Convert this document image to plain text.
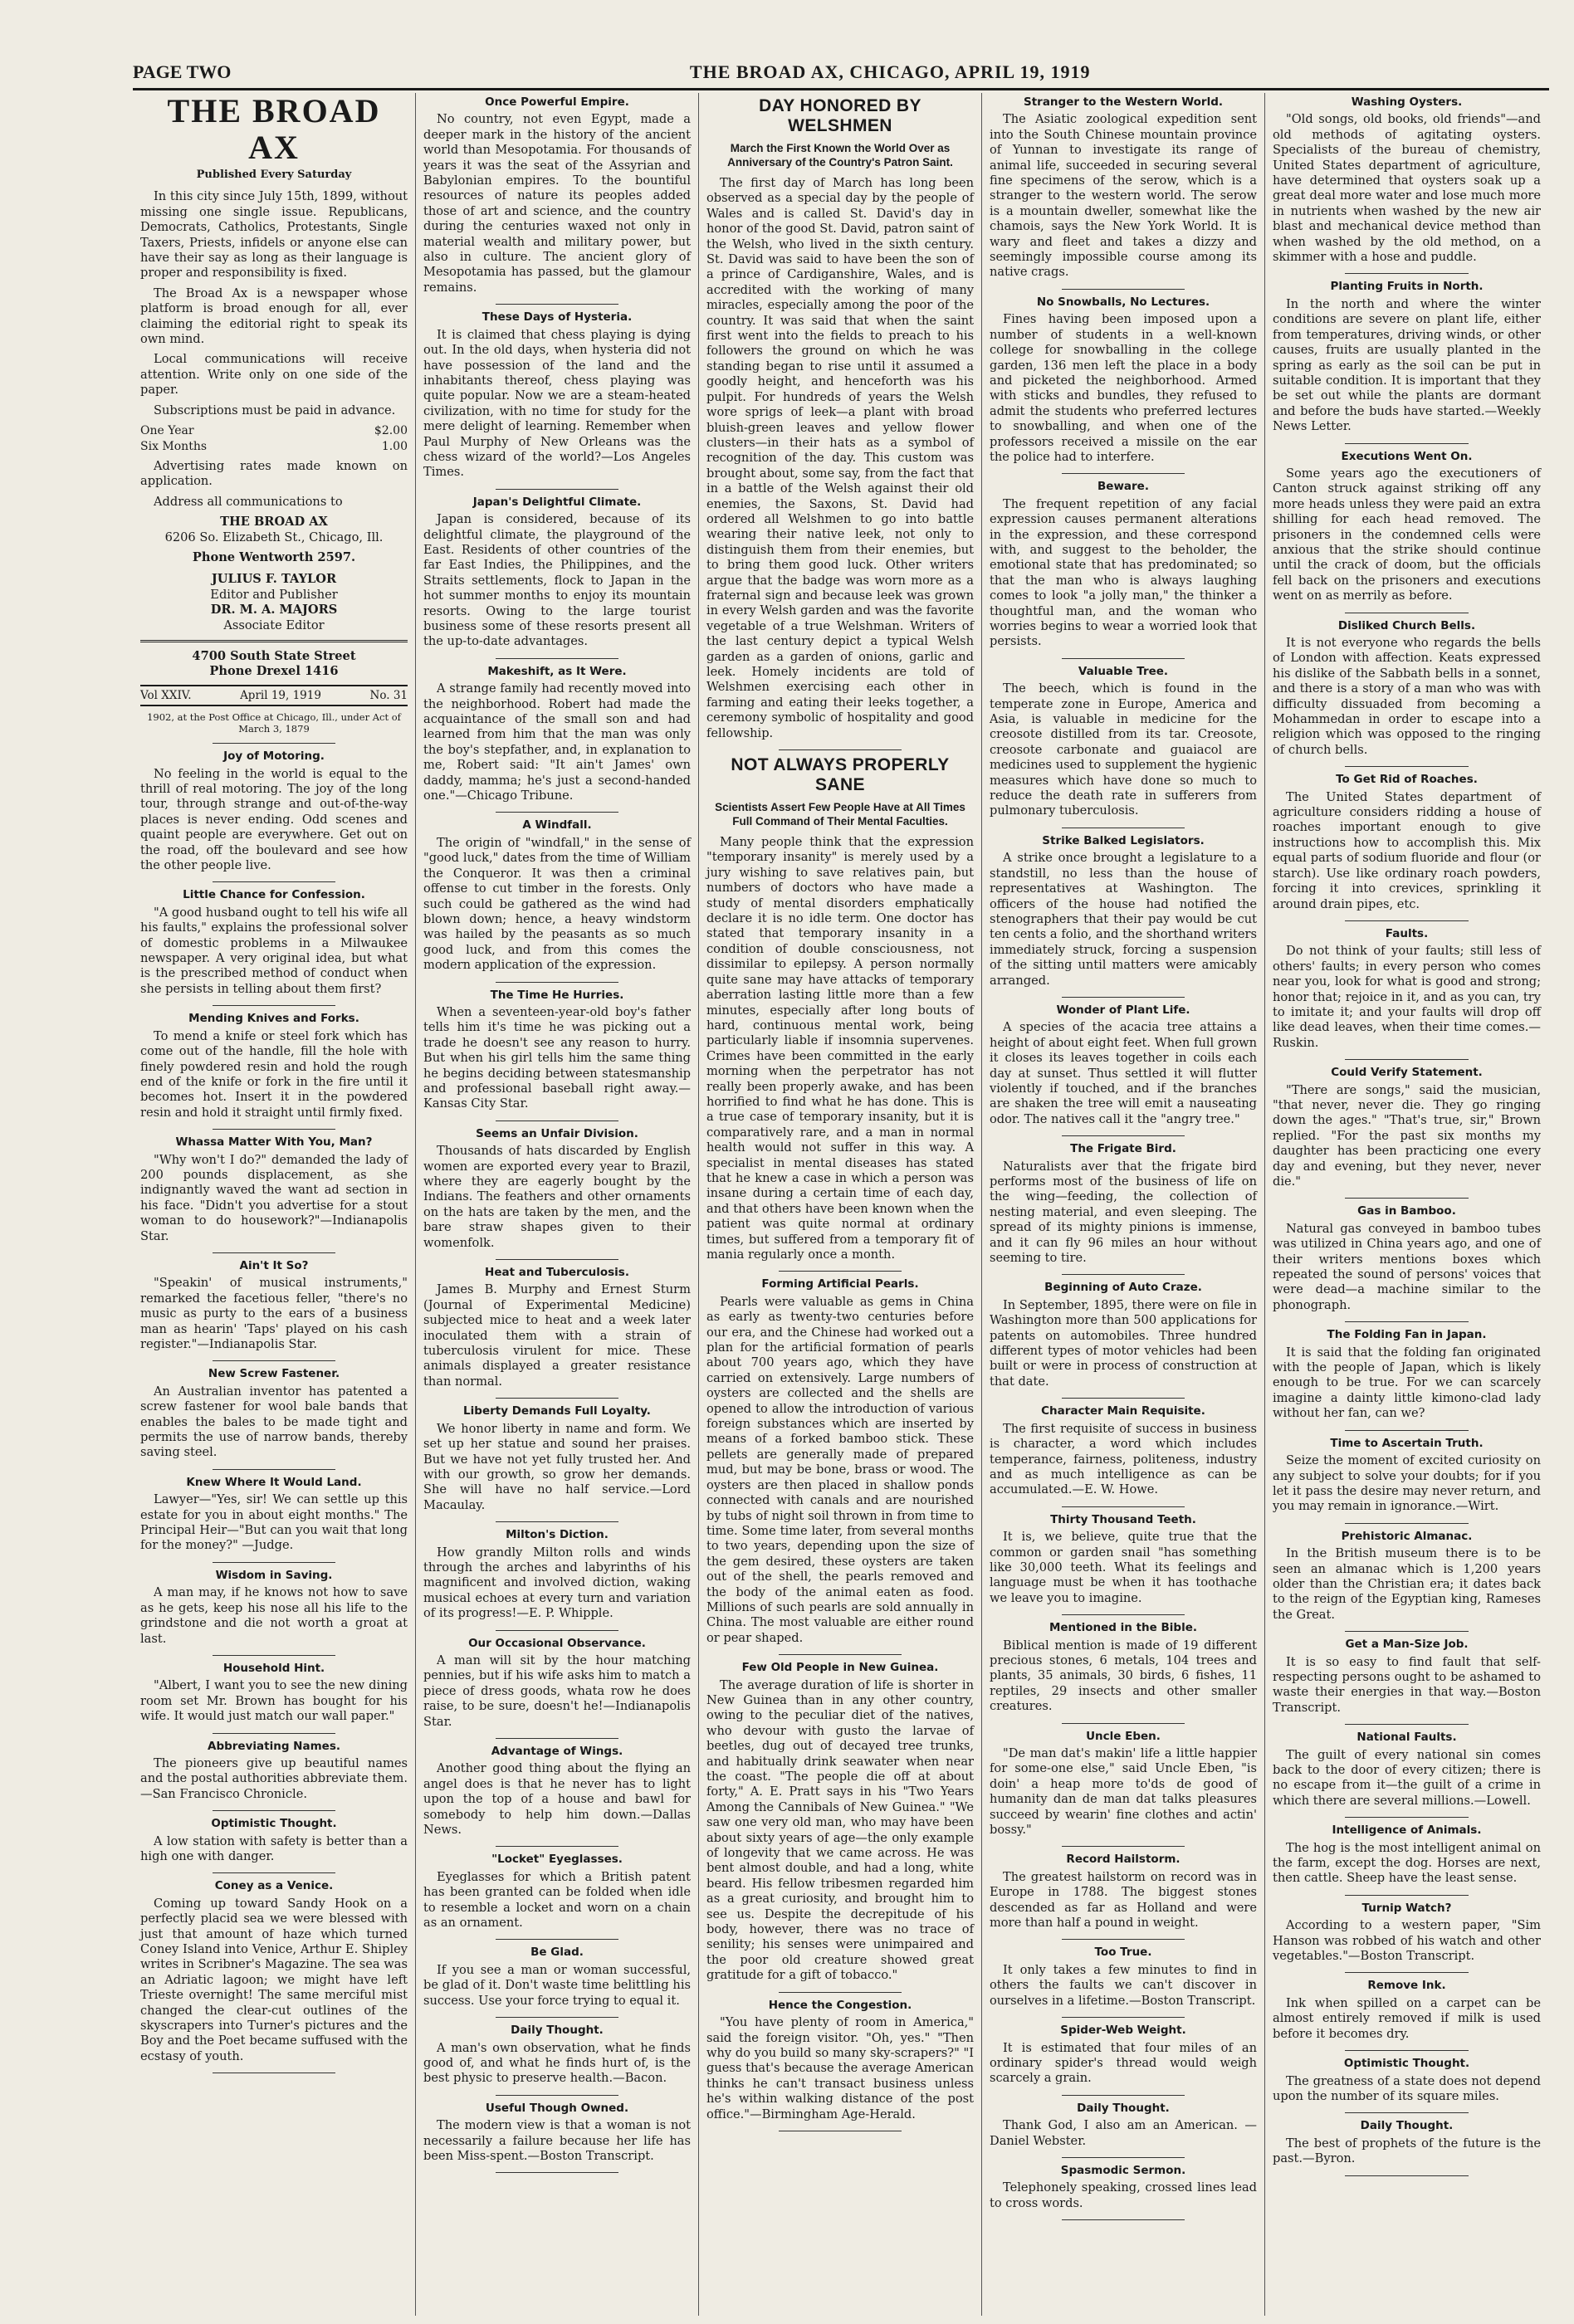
PAGE TWO	THE BROAD AX, CHICAGO, APRIL 19, 1919
THE BROAD AX
Published Every Saturday

In this city since July 15th, 1899, without missing one single issue. Republicans, Democrats, Catholics, Protestants, Single Taxers, Priests, infidels or anyone else can have their say as long as their language is proper and responsibility is fixed.

The Broad Ax is a newspaper whose platform is broad enough for all, ever claiming the editorial right to speak its own mind.

Local communications will receive attention. Write only on one side of the paper.

Subscriptions must be paid in advance.

One Year	$2.00
Six Months	1.00

Advertising rates made known on application.

Address all communications to

THE BROAD AX

6206 So. Elizabeth St., Chicago, Ill.

Phone Wentworth 2597.

JULIUS F. TAYLOR

Editor and Publisher

DR. M. A. MAJORS

Associate Editor

4700 South State Street

Phone Drexel 1416

Vol XXIV.	April 19, 1919	No. 31

1902, at the Post Office at Chicago, Ill., under Act of March 3, 1879

Joy of Motoring.

No feeling in the world is equal to the thrill of real motoring. The joy of the long tour, through strange and out-of-the-way places is never ending. Odd scenes and quaint people are everywhere. Get out on the road, off the boulevard and see how the other people live.

Little Chance for Confession.

"A good husband ought to tell his wife all his faults," explains the professional solver of domestic problems in a Milwaukee newspaper. A very original idea, but what is the prescribed method of conduct when she persists in telling about them first?

Mending Knives and Forks.

To mend a knife or steel fork which has come out of the handle, fill the hole with finely powdered resin and hold the rough end of the knife or fork in the fire until it becomes hot. Insert it in the powdered resin and hold it straight until firmly fixed.

Whassa Matter With You, Man?

"Why won't I do?" demanded the lady of 200 pounds displacement, as she indignantly waved the want ad section in his face. "Didn't you advertise for a stout woman to do housework?"—Indianapolis Star.

Ain't It So?

"Speakin' of musical instruments," remarked the facetious feller, "there's no music as purty to the ears of a business man as hearin' 'Taps' played on his cash register."—Indianapolis Star.

New Screw Fastener.

An Australian inventor has patented a screw fastener for wool bale bands that enables the bales to be made tight and permits the use of narrow bands, thereby saving steel.

Knew Where It Would Land.

Lawyer—"Yes, sir! We can settle up this estate for you in about eight months." The Principal Heir—"But can you wait that long for the money?" —Judge.

Wisdom in Saving.

A man may, if he knows not how to save as he gets, keep his nose all his life to the grindstone and die not worth a groat at last.

Household Hint.

"Albert, I want you to see the new dining room set Mr. Brown has bought for his wife. It would just match our wall paper."

Abbreviating Names.

The pioneers give up beautiful names and the postal authorities abbreviate them.—San Francisco Chronicle.

Optimistic Thought.

A low station with safety is better than a high one with danger.

Coney as a Venice.

Coming up toward Sandy Hook on a perfectly placid sea we were blessed with just that amount of haze which turned Coney Island into Venice, Arthur E. Shipley writes in Scribner's Magazine. The sea was an Adriatic lagoon; we might have left Trieste overnight! The same merciful mist changed the clear-cut outlines of the skyscrapers into Turner's pictures and the Boy and the Poet became suffused with the ecstasy of youth.

Once Powerful Empire.

No country, not even Egypt, made a deeper mark in the history of the ancient world than Mesopotamia. For thousands of years it was the seat of the Assyrian and Babylonian empires. To the bountiful resources of nature its peoples added those of art and science, and the country during the centuries waxed not only in material wealth and military power, but also in culture. The ancient glory of Mesopotamia has passed, but the glamour remains.

These Days of Hysteria.

It is claimed that chess playing is dying out. In the old days, when hysteria did not have possession of the land and the inhabitants thereof, chess playing was quite popular. Now we are a steam-heated civilization, with no time for study for the mere delight of learning. Remember when Paul Murphy of New Orleans was the chess wizard of the world?—Los Angeles Times.

Japan's Delightful Climate.

Japan is considered, because of its delightful climate, the playground of the East. Residents of other countries of the far East Indies, the Philippines, and the Straits settlements, flock to Japan in the hot summer months to enjoy its mountain resorts. Owing to the large tourist business some of these resorts present all the up-to-date advantages.

Makeshift, as It Were.

A strange family had recently moved into the neighborhood. Robert had made the acquaintance of the small son and had learned from him that the man was only the boy's stepfather, and, in explanation to me, Robert said: "It ain't James' own daddy, mamma; he's just a second-handed one."—Chicago Tribune.

A Windfall.

The origin of "windfall," in the sense of "good luck," dates from the time of William the Conqueror. It was then a criminal offense to cut timber in the forests. Only such could be gathered as the wind had blown down; hence, a heavy windstorm was hailed by the peasants as so much good luck, and from this comes the modern application of the expression.

The Time He Hurries.

When a seventeen-year-old boy's father tells him it's time he was picking out a trade he doesn't see any reason to hurry. But when his girl tells him the same thing he begins deciding between statesmanship and professional baseball right away.—Kansas City Star.

Seems an Unfair Division.

Thousands of hats discarded by English women are exported every year to Brazil, where they are eagerly bought by the Indians. The feathers and other ornaments on the hats are taken by the men, and the bare straw shapes given to their womenfolk.

Heat and Tuberculosis.

James B. Murphy and Ernest Sturm (Journal of Experimental Medicine) subjected mice to heat and a week later inoculated them with a strain of tuberculosis virulent for mice. These animals displayed a greater resistance than normal.

Liberty Demands Full Loyalty.

We honor liberty in name and form. We set up her statue and sound her praises. But we have not yet fully trusted her. And with our growth, so grow her demands. She will have no half service.—Lord Macaulay.

Milton's Diction.

How grandly Milton rolls and winds through the arches and labyrinths of his magnificent and involved diction, waking musical echoes at every turn and variation of its progress!—E. P. Whipple.

Our Occasional Observance.

A man will sit by the hour matching pennies, but if his wife asks him to match a piece of dress goods, whata row he does raise, to be sure, doesn't he!—Indianapolis Star.

Advantage of Wings.

Another good thing about the flying an angel does is that he never has to light upon the top of a house and bawl for somebody to help him down.—Dallas News.

"Locket" Eyeglasses.

Eyeglasses for which a British patent has been granted can be folded when idle to resemble a locket and worn on a chain as an ornament.

Be Glad.

If you see a man or woman successful, be glad of it. Don't waste time belittling his success. Use your force trying to equal it.

Daily Thought.

A man's own observation, what he finds good of, and what he finds hurt of, is the best physic to preserve health.—Bacon.

Useful Though Owned.

The modern view is that a woman is not necessarily a failure because her life has been Miss-spent.—Boston Transcript.

DAY HONORED BY WELSHMEN
March the First Known the World Over as Anniversary of the Country's Patron Saint.

The first day of March has long been observed as a special day by the people of Wales and is called St. David's day in honor of the good St. David, patron saint of the Welsh, who lived in the sixth century. St. David was said to have been the son of a prince of Cardiganshire, Wales, and is accredited with the working of many miracles, especially among the poor of the country. It was said that when the saint first went into the fields to preach to his followers the ground on which he was standing began to rise until it assumed a goodly height, and henceforth was his pulpit. For hundreds of years the Welsh wore sprigs of leek—a plant with broad bluish-green leaves and yellow flower clusters—in their hats as a symbol of recognition of the day. This custom was brought about, some say, from the fact that in a battle of the Welsh against their old enemies, the Saxons, St. David had ordered all Welshmen to go into battle wearing their native leek, not only to distinguish them from their enemies, but to bring them good luck. Other writers argue that the badge was worn more as a fraternal sign and because leek was grown in every Welsh garden and was the favorite vegetable of a true Welshman. Writers of the last century depict a typical Welsh garden as a garden of onions, garlic and leek. Homely incidents are told of Welshmen exercising each other in farming and eating their leeks together, a ceremony symbolic of hospitality and good fellowship.

NOT ALWAYS PROPERLY SANE
Scientists Assert Few People Have at All Times Full Command of Their Mental Faculties.

Many people think that the expression "temporary insanity" is merely used by a jury wishing to save relatives pain, but numbers of doctors who have made a study of mental disorders emphatically declare it is no idle term. One doctor has stated that temporary insanity in a condition of double consciousness, not dissimilar to epilepsy. A person normally quite sane may have attacks of temporary aberration lasting little more than a few minutes, especially after long bouts of hard, continuous mental work, being particularly liable if insomnia supervenes. Crimes have been committed in the early morning when the perpetrator has not really been properly awake, and has been horrified to find what he has done. This is a true case of temporary insanity, but it is comparatively rare, and a man in normal health would not suffer in this way. A specialist in mental diseases has stated that he knew a case in which a person was insane during a certain time of each day, and that others have been known when the patient was quite normal at ordinary times, but suffered from a temporary fit of mania regularly once a month.

Forming Artificial Pearls.

Pearls were valuable as gems in China as early as twenty-two centuries before our era, and the Chinese had worked out a plan for the artificial formation of pearls about 700 years ago, which they have carried on extensively. Large numbers of oysters are collected and the shells are opened to allow the introduction of various foreign substances which are inserted by means of a forked bamboo stick. These pellets are generally made of prepared mud, but may be bone, brass or wood. The oysters are then placed in shallow ponds connected with canals and are nourished by tubs of night soil thrown in from time to time. Some time later, from several months to two years, depending upon the size of the gem desired, these oysters are taken out of the shell, the pearls removed and the body of the animal eaten as food. Millions of such pearls are sold annually in China. The most valuable are either round or pear shaped.

Few Old People in New Guinea.

The average duration of life is shorter in New Guinea than in any other country, owing to the peculiar diet of the natives, who devour with gusto the larvae of beetles, dug out of decayed tree trunks, and habitually drink seawater when near the coast. "The people die off at about forty," A. E. Pratt says in his "Two Years Among the Cannibals of New Guinea." "We saw one very old man, who may have been about sixty years of age—the only example of longevity that we came across. He was bent almost double, and had a long, white beard. His fellow tribesmen regarded him as a great curiosity, and brought him to see us. Despite the decrepitude of his body, however, there was no trace of senility; his senses were unimpaired and the poor old creature showed great gratitude for a gift of tobacco."

Hence the Congestion.

"You have plenty of room in America," said the foreign visitor. "Oh, yes." "Then why do you build so many sky-scrapers?" "I guess that's because the average American thinks he can't transact business unless he's within walking distance of the post office."—Birmingham Age-Herald.

Stranger to the Western World.

The Asiatic zoological expedition sent into the South Chinese mountain province of Yunnan to investigate its range of animal life, succeeded in securing several fine specimens of the serow, which is a stranger to the western world. The serow is a mountain dweller, somewhat like the chamois, says the New York World. It is wary and fleet and takes a dizzy and seemingly impossible course among its native crags.

No Snowballs, No Lectures.

Fines having been imposed upon a number of students in a well-known college for snowballing in the college garden, 136 men left the place in a body and picketed the neighborhood. Armed with sticks and bundles, they refused to admit the students who preferred lectures to snowballing, and when one of the professors received a missile on the ear the police had to interfere.

Beware.

The frequent repetition of any facial expression causes permanent alterations in the expression, and these correspond with, and suggest to the beholder, the emotional state that has predominated; so that the man who is always laughing comes to look "a jolly man," the thinker a thoughtful man, and the woman who worries begins to wear a worried look that persists.

Valuable Tree.

The beech, which is found in the temperate zone in Europe, America and Asia, is valuable in medicine for the creosote distilled from its tar. Creosote, creosote carbonate and guaiacol are medicines used to supplement the hygienic measures which have done so much to reduce the death rate in sufferers from pulmonary tuberculosis.

Strike Balked Legislators.

A strike once brought a legislature to a standstill, no less than the house of representatives at Washington. The officers of the house had notified the stenographers that their pay would be cut ten cents a folio, and the shorthand writers immediately struck, forcing a suspension of the sitting until matters were amicably arranged.

Wonder of Plant Life.

A species of the acacia tree attains a height of about eight feet. When full grown it closes its leaves together in coils each day at sunset. Thus settled it will flutter violently if touched, and if the branches are shaken the tree will emit a nauseating odor. The natives call it the "angry tree."

The Frigate Bird.

Naturalists aver that the frigate bird performs most of the business of life on the wing—feeding, the collection of nesting material, and even sleeping. The spread of its mighty pinions is immense, and it can fly 96 miles an hour without seeming to tire.

Beginning of Auto Craze.

In September, 1895, there were on file in Washington more than 500 applications for patents on automobiles. Three hundred different types of motor vehicles had been built or were in process of construction at that date.

Character Main Requisite.

The first requisite of success in business is character, a word which includes temperance, fairness, politeness, industry and as much intelligence as can be accumulated.—E. W. Howe.

Thirty Thousand Teeth.

It is, we believe, quite true that the common or garden snail "has something like 30,000 teeth. What its feelings and language must be when it has toothache we leave you to imagine.

Mentioned in the Bible.

Biblical mention is made of 19 different precious stones, 6 metals, 104 trees and plants, 35 animals, 30 birds, 6 fishes, 11 reptiles, 29 insects and other smaller creatures.

Uncle Eben.

"De man dat's makin' life a little happier for some-one else," said Uncle Eben, "is doin' a heap more to'ds de good of humanity dan de man dat talks pleasures succeed by wearin' fine clothes and actin' bossy."

Record Hailstorm.

The greatest hailstorm on record was in Europe in 1788. The biggest stones descended as far as Holland and were more than half a pound in weight.

Too True.

It only takes a few minutes to find in others the faults we can't discover in ourselves in a lifetime.—Boston Transcript.

Spider-Web Weight.

It is estimated that four miles of an ordinary spider's thread would weigh scarcely a grain.

Daily Thought.

Thank God, I also am an American. —Daniel Webster.

Spasmodic Sermon.

Telephonely speaking, crossed lines lead to cross words.

Washing Oysters.

"Old songs, old books, old friends"—and old methods of agitating oysters. Specialists of the bureau of chemistry, United States department of agriculture, have determined that oysters soak up a great deal more water and lose much more in nutrients when washed by the new air blast and mechanical device method than when washed by the old method, on a skimmer with a hose and puddle.

Planting Fruits in North.

In the north and where the winter conditions are severe on plant life, either from temperatures, driving winds, or other causes, fruits are usually planted in the spring as early as the soil can be put in suitable condition. It is important that they be set out while the plants are dormant and before the buds have started.—Weekly News Letter.

Executions Went On.

Some years ago the executioners of Canton struck against striking off any more heads unless they were paid an extra shilling for each head removed. The prisoners in the condemned cells were anxious that the strike should continue until the crack of doom, but the officials fell back on the prisoners and executions went on as merrily as before.

Disliked Church Bells.

It is not everyone who regards the bells of London with affection. Keats expressed his dislike of the Sabbath bells in a sonnet, and there is a story of a man who was with difficulty dissuaded from becoming a Mohammedan in order to escape into a religion which was opposed to the ringing of church bells.

To Get Rid of Roaches.

The United States department of agriculture considers ridding a house of roaches important enough to give instructions how to accomplish this. Mix equal parts of sodium fluoride and flour (or starch). Use like ordinary roach powders, forcing it into crevices, sprinkling it around drain pipes, etc.

Faults.

Do not think of your faults; still less of others' faults; in every person who comes near you, look for what is good and strong; honor that; rejoice in it, and as you can, try to imitate it; and your faults will drop off like dead leaves, when their time comes.—Ruskin.

Could Verify Statement.

"There are songs," said the musician, "that never, never die. They go ringing down the ages." "That's true, sir," Brown replied. "For the past six months my daughter has been practicing one every day and evening, but they never, never die."

Gas in Bamboo.

Natural gas conveyed in bamboo tubes was utilized in China years ago, and one of their writers mentions boxes which repeated the sound of persons' voices that were dead—a machine similar to the phonograph.

The Folding Fan in Japan.

It is said that the folding fan originated with the people of Japan, which is likely enough to be true. For we can scarcely imagine a dainty little kimono-clad lady without her fan, can we?

Time to Ascertain Truth.

Seize the moment of excited curiosity on any subject to solve your doubts; for if you let it pass the desire may never return, and you may remain in ignorance.—Wirt.

Prehistoric Almanac.

In the British museum there is to be seen an almanac which is 1,200 years older than the Christian era; it dates back to the reign of the Egyptian king, Rameses the Great.

Get a Man-Size Job.

It is so easy to find fault that self-respecting persons ought to be ashamed to waste their energies in that way.—Boston Transcript.

National Faults.

The guilt of every national sin comes back to the door of every citizen; there is no escape from it—the guilt of a crime in which there are several millions.—Lowell.

Intelligence of Animals.

The hog is the most intelligent animal on the farm, except the dog. Horses are next, then cattle. Sheep have the least sense.

Turnip Watch?

According to a western paper, "Sim Hanson was robbed of his watch and other vegetables."—Boston Transcript.

Remove Ink.

Ink when spilled on a carpet can be almost entirely removed if milk is used before it becomes dry.

Optimistic Thought.

The greatness of a state does not depend upon the number of its square miles.

Daily Thought.

The best of prophets of the future is the past.—Byron.
